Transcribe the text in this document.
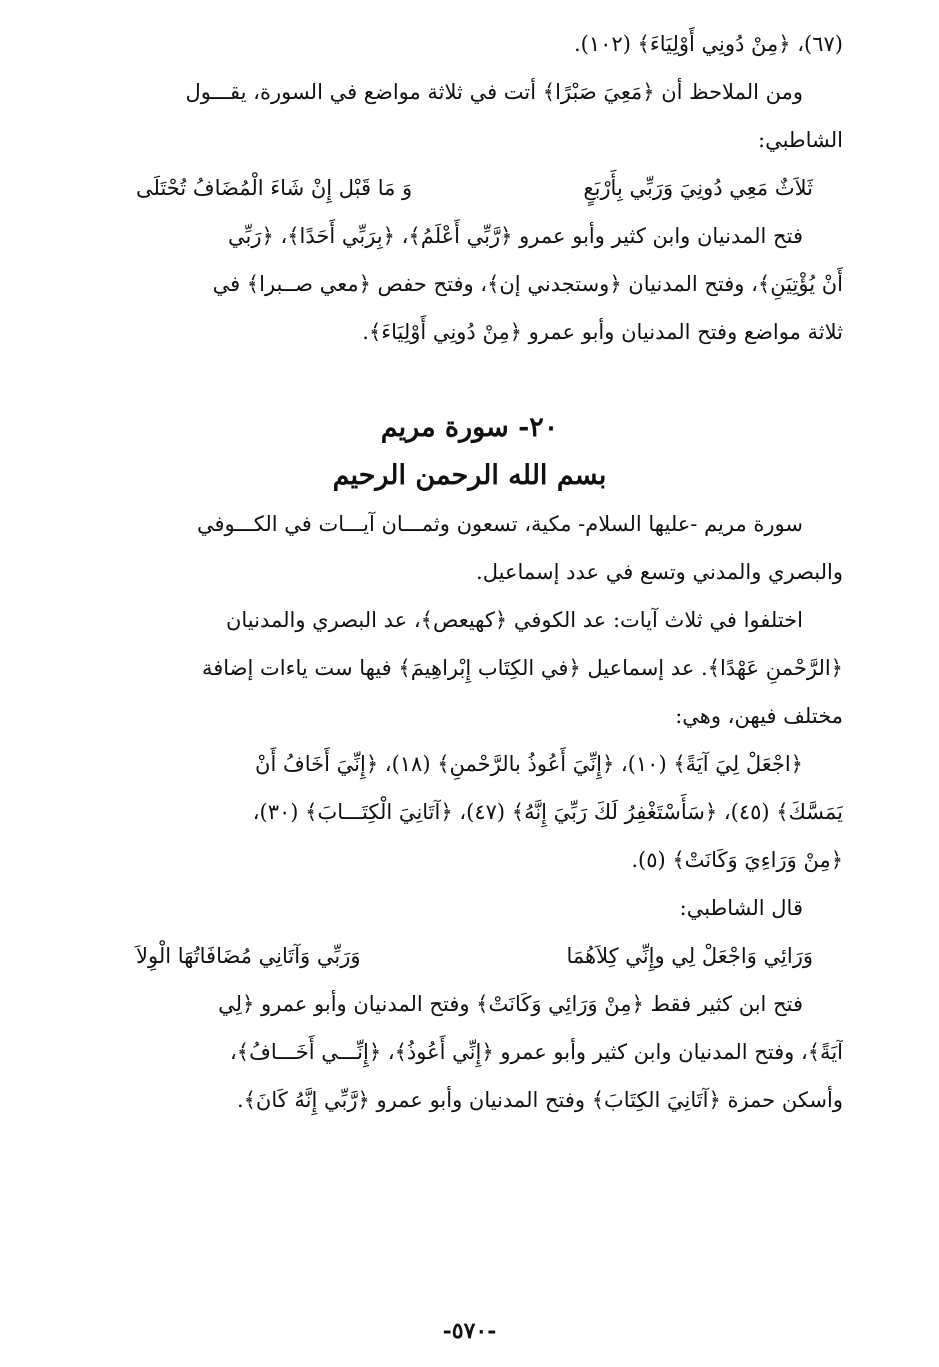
(٦٧)، ﴿مِنْ دُونِي أَوْلِيَاءَ﴾ (١٠٢).
ومن الملاحظ أن ﴿مَعِيَ صَبْرًا﴾ أتت في ثلاثة مواضع في السورة، يقـــول
الشاطبي:
ثَلاَثٌ مَعِي دُونِيَ وَرَبِّي بِأَرْبَعٍ
وَ مَا قَبْل إِنْ شَاءَ الْمُضَافُ تُحْتَلَى
فتح المدنيان وابن كثير وأبو عمرو ﴿رَّبِّي أَعْلَمُ﴾، ﴿بِرَبِّي أَحَدًا﴾، ﴿رَبِّي
أَنْ يُؤْتِيَنِ﴾، وفتح المدنيان ﴿وستجدني إن﴾، وفتح حفص ﴿معي صــبرا﴾ في
ثلاثة مواضع وفتح المدنيان وأبو عمرو ﴿مِنْ دُونِي أَوْلِيَاءَ﴾.
٢٠- سورة مريم
بسم الله الرحمن الرحيم
سورة مريم -عليها السلام- مكية، تسعون وثمـــان آيـــات في الكـــوفي
والبصري والمدني وتسع في عدد إسماعيل.
اختلفوا في ثلاث آيات: عد الكوفي ﴿كهيعص﴾، عد البصري والمدنيان
﴿الرَّحْمنِ عَهْدًا﴾. عد إسماعيل ﴿في الكِتَاب إِبْراهِيمَ﴾ فيها ست ياءات إضافة
مختلف فيهن، وهي:
﴿اجْعَلْ لِيَ آيَةً﴾ (١٠)، ﴿إِنِّيَ أَعُوذُ بالرَّحْمنِ﴾ (١٨)، ﴿إِنِّيَ أَخَافُ أَنْ
يَمَسَّكَ﴾ (٤٥)، ﴿سَأَسْتَغْفِرُ لَكَ رَبِّيَ إِنَّهُ﴾ (٤٧)، ﴿آتَانِيَ الْكِتَـــابَ﴾ (٣٠)،
﴿مِنْ وَرَاءِيَ وَكَانَتْ﴾ (٥).
قال الشاطبي:
وَرَائِي وَاجْعَلْ لِي وإِنِّي كِلاَهُمَا
وَرَبِّي وَآتَانِي مُضَافَاتُهَا الْوِلاَ
فتح ابن كثير فقط ﴿مِنْ وَرَائِي وَكَانَتْ﴾ وفتح المدنيان وأبو عمرو ﴿لِي
آيَةً﴾، وفتح المدنيان وابن كثير وأبو عمرو ﴿إِنِّي أَعُوذُ﴾، ﴿إِنِّـــي أَخَـــافُ﴾،
وأسكن حمزة ﴿آتَانِيَ الكِتَابَ﴾ وفتح المدنيان وأبو عمرو ﴿رَّبِّي إِنَّهُ كَانَ﴾.
-٥٧٠-
